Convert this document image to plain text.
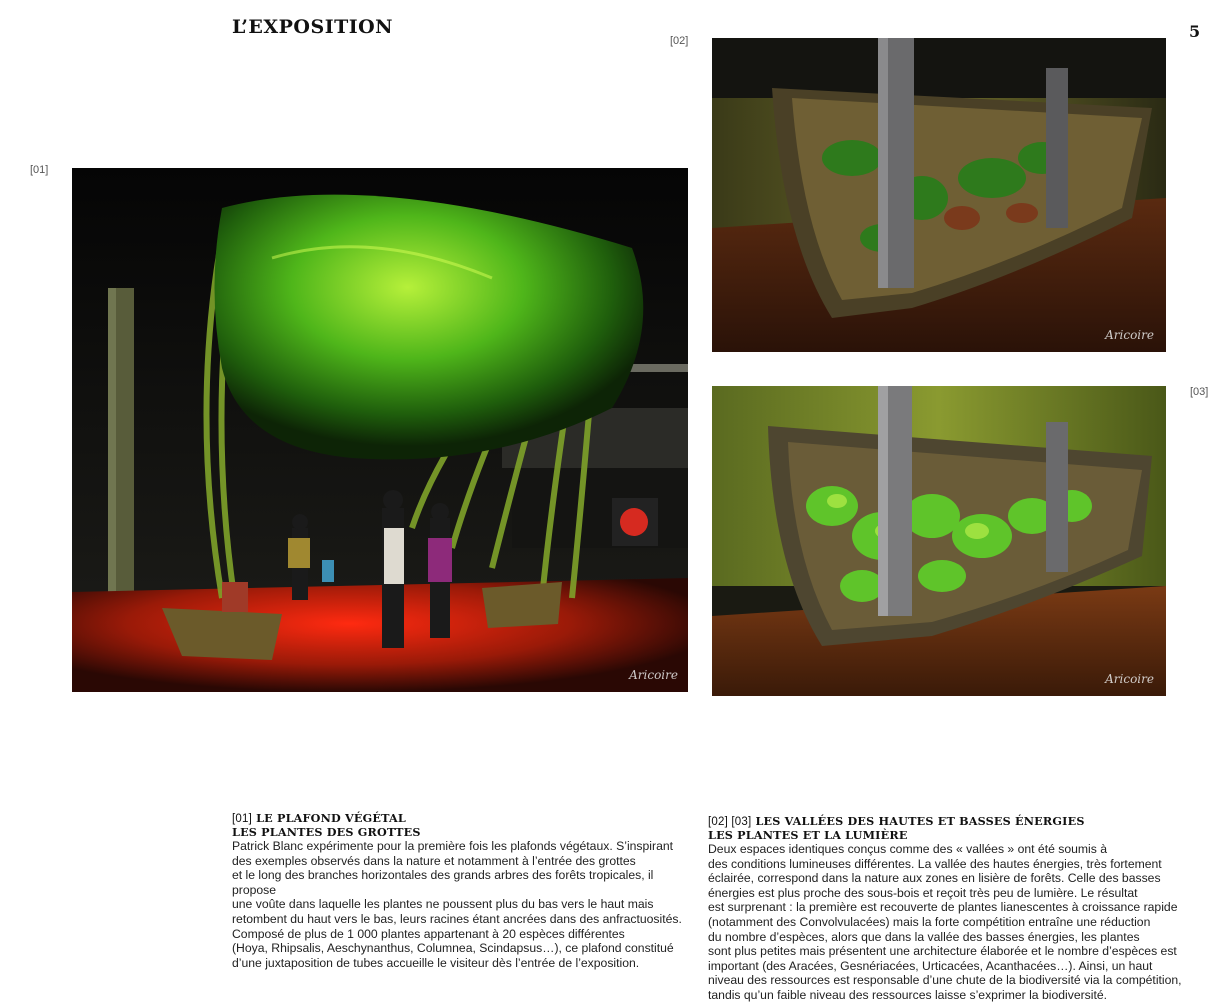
L’EXPOSITION	5
[01]
[02]
[03]
Aricoire
Aricoire
Aricoire
[01] LE PLAFOND VÉGÉTAL
LES PLANTES DES GROTTES

Patrick Blanc expérimente pour la première fois les plafonds végétaux. S’inspirant

des exemples observés dans la nature et notamment à l’entrée des grottes

et le long des branches horizontales des grands arbres des forêts tropicales, il propose

une voûte dans laquelle les plantes ne poussent plus du bas vers le haut mais

retombent du haut vers le bas, leurs racines étant ancrées dans des anfractuosités.

Composé de plus de 1 000 plantes appartenant à 20 espèces différentes

(Hoya, Rhipsalis, Aeschynanthus, Columnea, Scindapsus…), ce plafond constitué

d’une juxtaposition de tubes accueille le visiteur dès l’entrée de l’exposition.

[02] [03] LES VALLÉES DES HAUTES ET BASSES ÉNERGIES
LES PLANTES ET LA LUMIÈRE

Deux espaces identiques conçus comme des « vallées » ont été soumis à

des conditions lumineuses différentes. La vallée des hautes énergies, très fortement

éclairée, correspond dans la nature aux zones en lisière de forêts. Celle des basses

énergies est plus proche des sous-bois et reçoit très peu de lumière. Le résultat

est surprenant : la première est recouverte de plantes lianescentes à croissance rapide

(notamment des Convolvulacées) mais la forte compétition entraîne une réduction

du nombre d’espèces, alors que dans la vallée des basses énergies, les plantes

sont plus petites mais présentent une architecture élaborée et le nombre d’espèces est

important (des Aracées, Gesnériacées, Urticacées, Acanthacées…). Ainsi, un haut

niveau des ressources est responsable d’une chute de la biodiversité via la compétition,

tandis qu’un faible niveau des ressources laisse s’exprimer la biodiversité.
